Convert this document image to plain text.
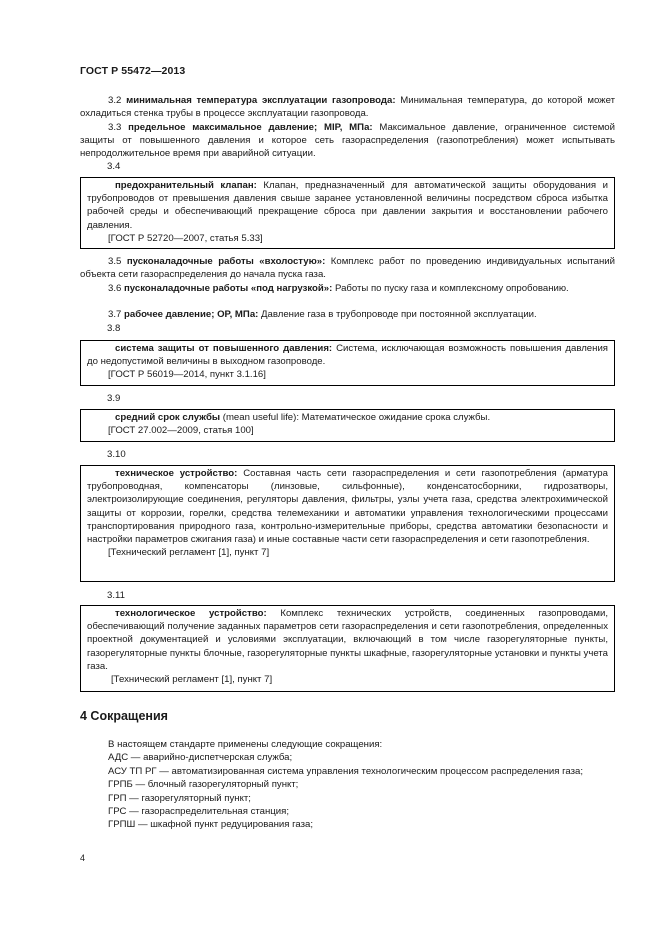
ГОСТ Р 55472—2013
3.2 минимальная температура эксплуатации газопровода: Минимальная температура, до которой может охладиться стенка трубы в процессе эксплуатации газопровода.
3.3 предельное максимальное давление; MIP, МПа: Максимальное давление, ограниченное системой защиты от повышенного давления и которое сеть газораспределения (газопотребления) может испытывать непродолжительное время при аварийной ситуации.
3.4

предохранительный клапан: Клапан, предназначенный для автоматической защиты оборудования и трубопроводов от превышения давления свыше заранее установленной величины посредством сброса избытка рабочей среды и обеспечивающий прекращение сброса при давлении закрытия и восстановлении рабочего давления.

[ГОСТ Р 52720—2007, статья 5.33]

3.5 пусконаладочные работы «вхолостую»: Комплекс работ по проведению индивидуальных испытаний объекта сети газораспределения до начала пуска газа.
3.6 пусконаладочные работы «под нагрузкой»: Работы по пуску газа и комплексному опробованию.
3.7 рабочее давление; ОР, МПа: Давление газа в трубопроводе при постоянной эксплуатации.
3.8

система защиты от повышенного давления: Система, исключающая возможность повышения давления до недопустимой величины в выходном газопроводе.

[ГОСТ Р 56019—2014, пункт 3.1.16]

3.9

средний срок службы (mean useful life): Математическое ожидание срока службы.

[ГОСТ 27.002—2009, статья 100]

3.10

техническое устройство: Составная часть сети газораспределения и сети газопотребления (арматура трубопроводная, компенсаторы (линзовые, сильфонные), конденсатосборники, гидрозатворы, электроизолирующие соединения, регуляторы давления, фильтры, узлы учета газа, средства электрохимической защиты от коррозии, горелки, средства телемеханики и автоматики управления технологическими процессами транспортирования природного газа, контрольно-измерительные приборы, средства автоматики безопасности и настройки параметров сжигания газа) и иные составные части сети газораспределения и сети газопотребления.

[Технический регламент [1], пункт 7]

3.11

технологическое устройство: Комплекс технических устройств, соединенных газопроводами, обеспечивающий получение заданных параметров сети газораспределения и сети газопотребления, определенных проектной документацией и условиями эксплуатации, включающий в том числе газорегуляторные пункты, газорегуляторные пункты блочные, газорегуляторные пункты шкафные, газорегуляторные установки и пункты учета газа.

[Технический регламент [1], пункт 7]

4 Сокращения

В настоящем стандарте применены следующие сокращения:

АДС — аварийно-диспетчерская служба;

АСУ ТП РГ — автоматизированная система управления технологическим процессом распределения газа;

ГРПБ — блочный газорегуляторный пункт;

ГРП — газорегуляторный пункт;

ГРС — газораспределительная станция;

ГРПШ — шкафной пункт редуцирования газа;

4
